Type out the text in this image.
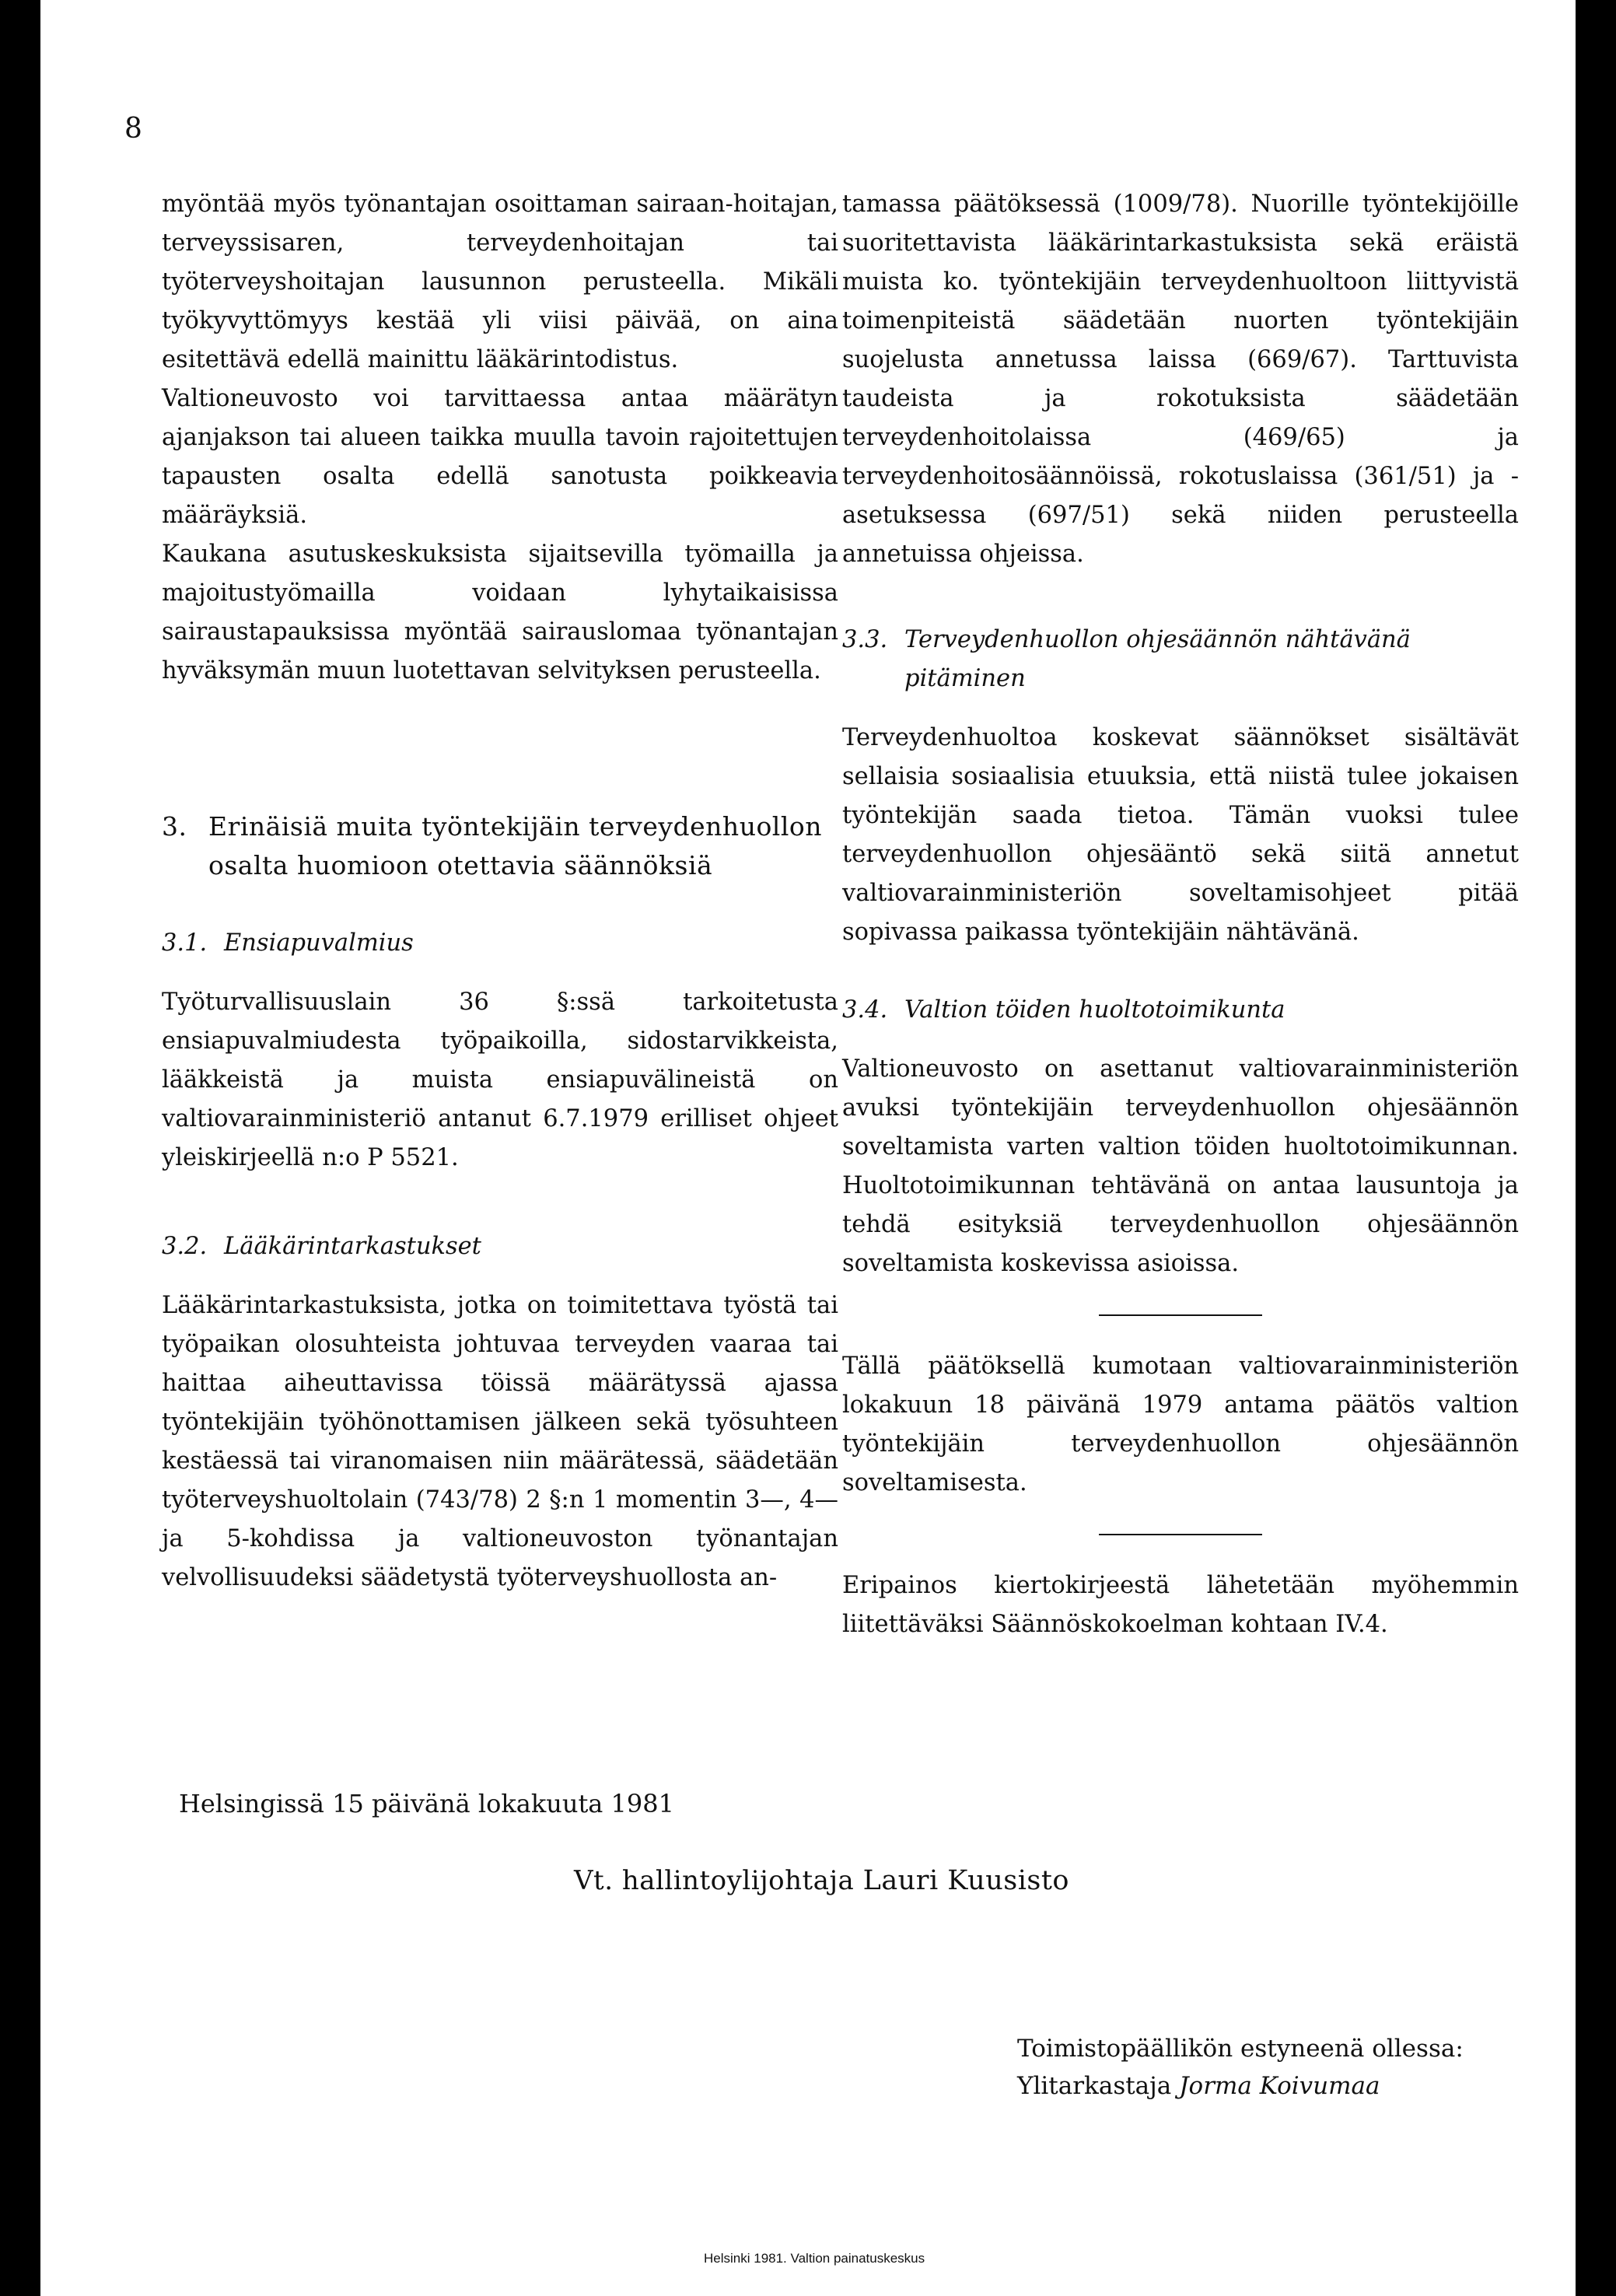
8

myöntää myös työnantajan osoittaman sairaan-hoitajan, terveyssisaren, terveydenhoitajan tai työterveyshoitajan lausunnon perusteella. Mikäli työkyvyttömyys kestää yli viisi päivää, on aina esitettävä edellä mainittu lääkärintodistus.

Valtioneuvosto voi tarvittaessa antaa määrätyn ajanjakson tai alueen taikka muulla tavoin rajoitettujen tapausten osalta edellä sanotusta poikkeavia määräyksiä.

Kaukana asutuskeskuksista sijaitsevilla työmailla ja majoitustyömailla voidaan lyhytaikaisissa sairaustapauksissa myöntää sairauslomaa työnantajan hyväksymän muun luotettavan selvityksen perusteella.

3. Erinäisiä muita työntekijäin terveydenhuollon osalta huomioon otettavia säännöksiä
3.1. Ensiapuvalmius

Työturvallisuuslain 36 §:ssä tarkoitetusta ensiapuvalmiudesta työpaikoilla, sidostarvikkeista, lääkkeistä ja muista ensiapuvälineistä on valtiovarainministeriö antanut 6.7.1979 erilliset ohjeet yleiskirjeellä n:o P 5521.

3.2. Lääkärintarkastukset

Lääkärintarkastuksista, jotka on toimitettava työstä tai työpaikan olosuhteista johtuvaa terveyden vaaraa tai haittaa aiheuttavissa töissä määrätyssä ajassa työntekijäin työhönottamisen jälkeen sekä työsuhteen kestäessä tai viranomaisen niin määrätessä, säädetään työterveyshuoltolain (743/78) 2 §:n 1 momentin 3—, 4— ja 5-kohdissa ja valtioneuvoston työnantajan velvollisuudeksi säädetystä työterveyshuollosta an-

tamassa päätöksessä (1009/78). Nuorille työntekijöille suoritettavista lääkärintarkastuksista sekä eräistä muista ko. työntekijäin terveydenhuoltoon liittyvistä toimenpiteistä säädetään nuorten työntekijäin suojelusta annetussa laissa (669/67). Tarttuvista taudeista ja rokotuksista säädetään terveydenhoitolaissa (469/65) ja terveydenhoitosäännöissä, rokotuslaissa (361/51) ja -asetuksessa (697/51) sekä niiden perusteella annetuissa ohjeissa.

3.3. Terveydenhuollon ohjesäännön nähtävänä pitäminen

Terveydenhuoltoa koskevat säännökset sisältävät sellaisia sosiaalisia etuuksia, että niistä tulee jokaisen työntekijän saada tietoa. Tämän vuoksi tulee terveydenhuollon ohjesääntö sekä siitä annetut valtiovarainministeriön soveltamisohjeet pitää sopivassa paikassa työntekijäin nähtävänä.

3.4. Valtion töiden huoltotoimikunta

Valtioneuvosto on asettanut valtiovarainministeriön avuksi työntekijäin terveydenhuollon ohjesäännön soveltamista varten valtion töiden huoltotoimikunnan. Huoltotoimikunnan tehtävänä on antaa lausuntoja ja tehdä esityksiä terveydenhuollon ohjesäännön soveltamista koskevissa asioissa.

Tällä päätöksellä kumotaan valtiovarainministeriön lokakuun 18 päivänä 1979 antama päätös valtion työntekijäin terveydenhuollon ohjesäännön soveltamisesta.

Eripainos kiertokirjeestä lähetetään myöhemmin liitettäväksi Säännöskokoelman kohtaan IV.4.

Helsingissä 15 päivänä lokakuuta 1981
Vt. hallintoylijohtaja Lauri Kuusisto
Toimistopäällikön estyneenä ollessa:
Ylitarkastaja Jorma Koivumaa
Helsinki 1981. Valtion painatuskeskus
